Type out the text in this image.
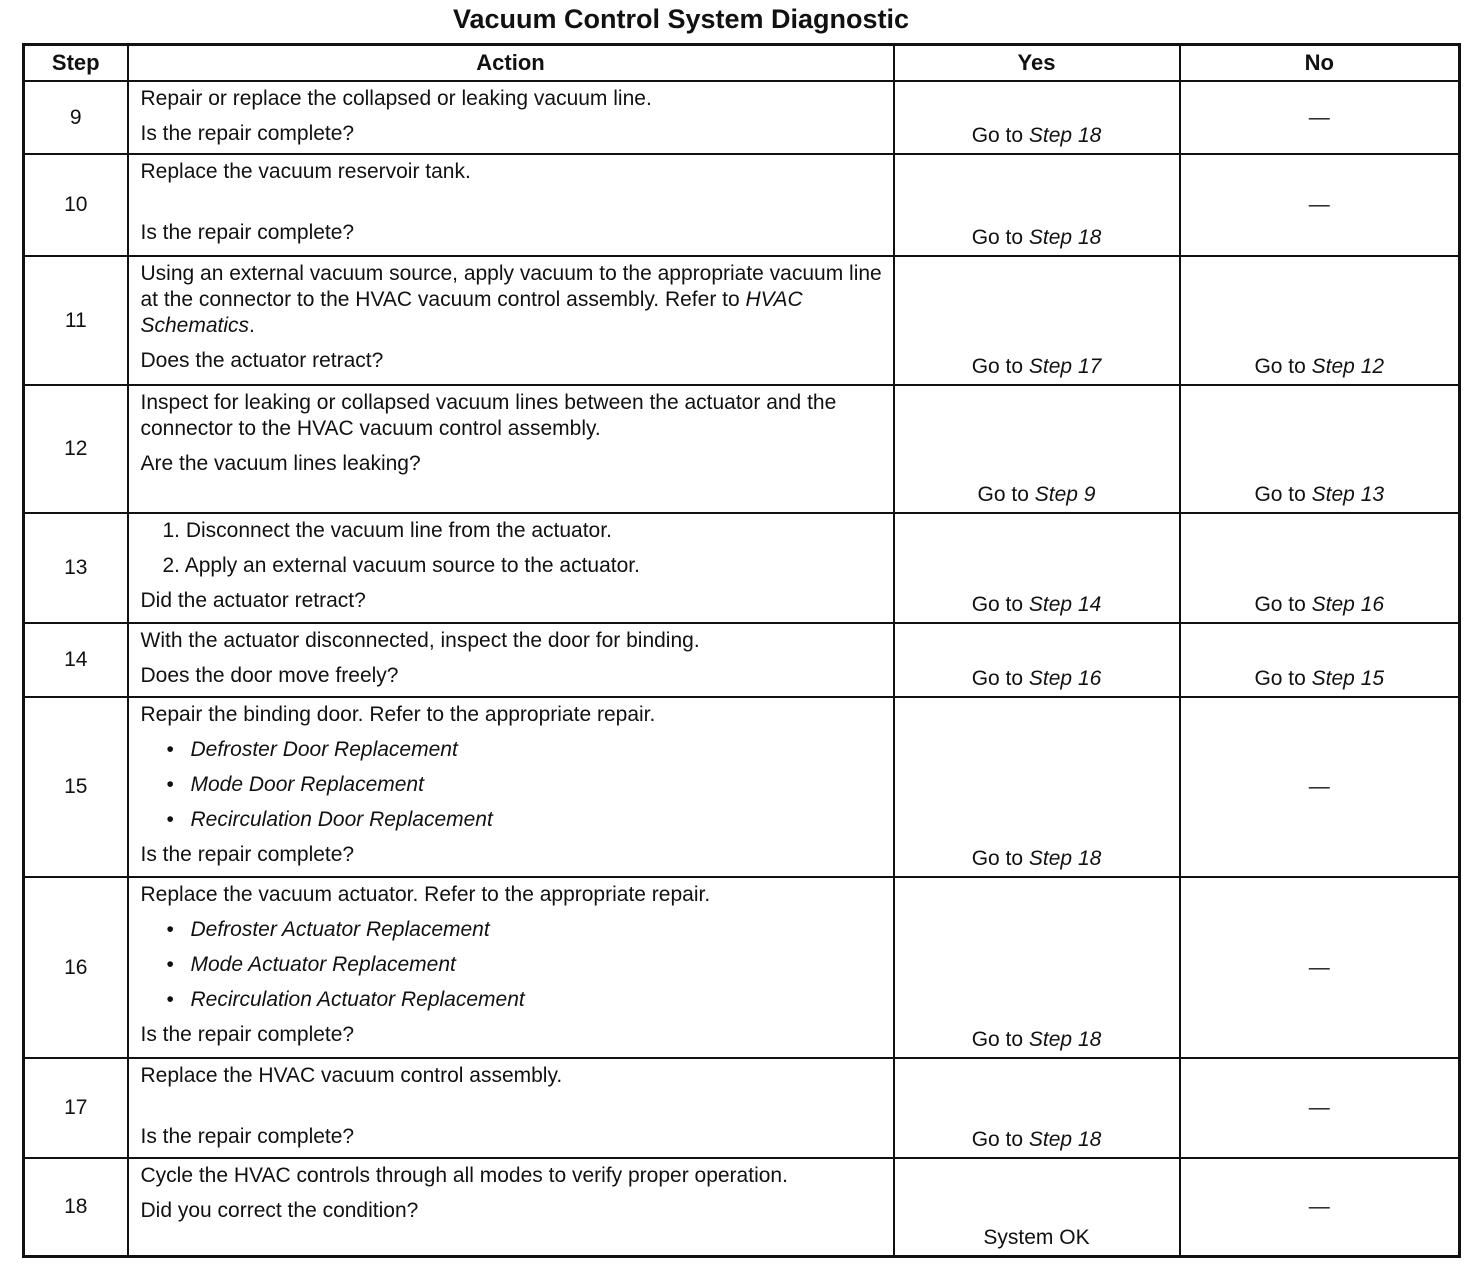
Vacuum Control System Diagnostic
Step	Action	Yes	No
9	Repair or replace the collapsed or leaking vacuum line.
Is the repair complete?	Go to Step 18	—
10	Replace the vacuum reservoir tank.
Is the repair complete?	Go to Step 18	—
11	Using an external vacuum source, apply vacuum to the appropriate vacuum line at the connector to the HVAC vacuum control assembly. Refer to HVAC Schematics.
Does the actuator retract?	Go to Step 17	Go to Step 12
12	Inspect for leaking or collapsed vacuum lines between the actuator and the connector to the HVAC vacuum control assembly.
Are the vacuum lines leaking?	Go to Step 9	Go to Step 13
13	1. Disconnect the vacuum line from the actuator.
2. Apply an external vacuum source to the actuator.
Did the actuator retract?	Go to Step 14	Go to Step 16
14	With the actuator disconnected, inspect the door for binding.
Does the door move freely?	Go to Step 16	Go to Step 15
15	Repair the binding door. Refer to the appropriate repair.
• Defroster Door Replacement
• Mode Door Replacement
• Recirculation Door Replacement
Is the repair complete?	Go to Step 18	—
16	Replace the vacuum actuator. Refer to the appropriate repair.
• Defroster Actuator Replacement
• Mode Actuator Replacement
• Recirculation Actuator Replacement
Is the repair complete?	Go to Step 18	—
17	Replace the HVAC vacuum control assembly.
Is the repair complete?	Go to Step 18	—
18	Cycle the HVAC controls through all modes to verify proper operation.
Did you correct the condition?	System OK	—
